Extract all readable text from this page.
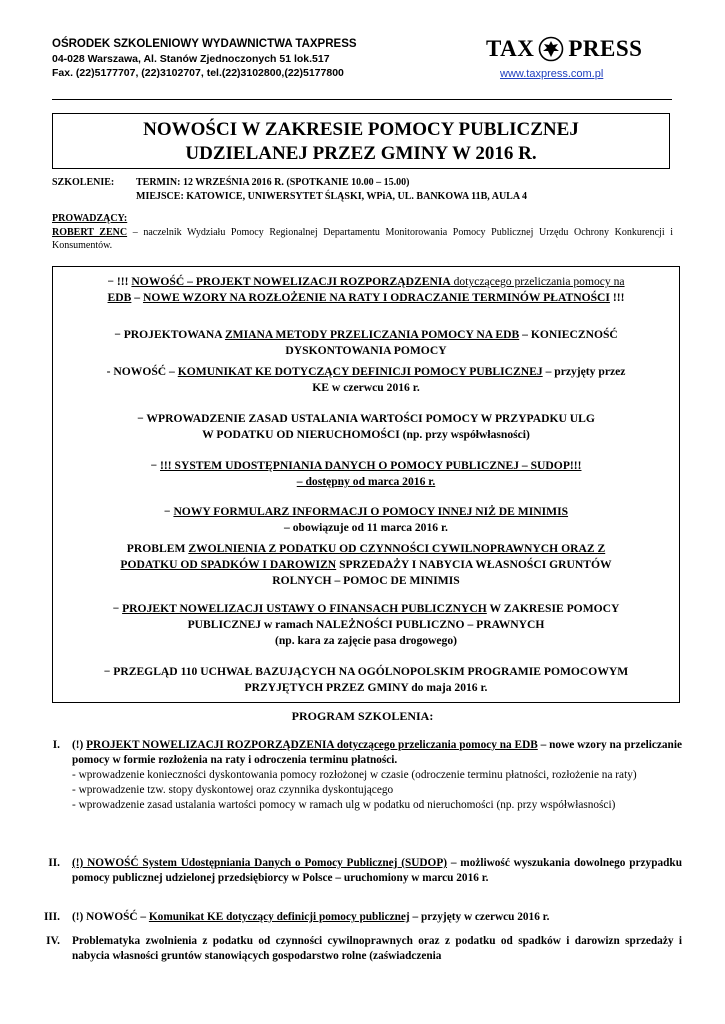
OŚRODEK SZKOLENIOWY WYDAWNICTWA TAXPRESS
04-028 Warszawa, Al. Stanów Zjednoczonych 51 lok.517
Fax. (22)5177707, (22)3102707, tel.(22)3102800,(22)5177800
TAX PRESS
www.taxpress.com.pl
NOWOŚCI W ZAKRESIE POMOCY PUBLICZNEJ
UDZIELANEJ PRZEZ GMINY W 2016 R.
SZKOLENIE: TERMIN: 12 WRZEŚNIA 2016 R. (SPOTKANIE 10.00 – 15.00)
MIEJSCE: KATOWICE, UNIWERSYTET ŚLĄSKI, WPiA, UL. BANKOWA 11B, AULA 4
PROWADZĄCY:
ROBERT ZENC – naczelnik Wydziału Pomocy Regionalnej Departamentu Monitorowania Pomocy Publicznej Urzędu Ochrony Konkurencji i Konsumentów.
− !!! NOWOŚĆ – PROJEKT NOWELIZACJI ROZPORZĄDZENIA dotyczącego przeliczania pomocy na
EDB – NOWE WZORY NA ROZŁOŻENIE NA RATY I ODRACZANIE TERMINÓW PŁATNOŚCI !!!
− PROJEKTOWANA ZMIANA METODY PRZELICZANIA POMOCY NA EDB – KONIECZNOŚĆ
DYSKONTOWANIA POMOCY
- NOWOŚĆ – KOMUNIKAT KE DOTYCZĄCY DEFINICJI POMOCY PUBLICZNEJ – przyjęty przez
KE w czerwcu 2016 r.
− WPROWADZENIE ZASAD USTALANIA WARTOŚCI POMOCY W PRZYPADKU ULG
W PODATKU OD NIERUCHOMOŚCI (np. przy współwłasności)
− !!! SYSTEM UDOSTĘPNIANIA DANYCH O POMOCY PUBLICZNEJ – SUDOP!!!
– dostępny od marca 2016 r.
− NOWY FORMULARZ INFORMACJI O POMOCY INNEJ NIŻ DE MINIMIS
– obowiązuje od 11 marca 2016 r.
PROBLEM ZWOLNIENIA Z PODATKU OD CZYNNOŚCI CYWILNOPRAWNYCH ORAZ Z
PODATKU OD SPADKÓW I DAROWIZN SPRZEDAŻY I NABYCIA WŁASNOŚCI GRUNTÓW
ROLNYCH – POMOC DE MINIMIS
− PROJEKT NOWELIZACJI USTAWY O FINANSACH PUBLICZNYCH W ZAKRESIE POMOCY
PUBLICZNEJ w ramach NALEŻNOŚCI PUBLICZNO – PRAWNYCH
(np. kara za zajęcie pasa drogowego)
− PRZEGLĄD 110 UCHWAŁ BAZUJĄCYCH NA OGÓLNOPOLSKIM PROGRAMIE POMOCOWYM
PRZYJĘTYCH PRZEZ GMINY do maja 2016 r.
PROGRAM SZKOLENIA:
I. (!) PROJEKT NOWELIZACJI ROZPORZĄDZENIA dotyczącego przeliczania pomocy na EDB – nowe wzory na przeliczanie pomocy w formie rozłożenia na raty i odroczenia terminu płatności.
- wprowadzenie konieczności dyskontowania pomocy rozłożonej w czasie (odroczenie terminu płatności, rozłożenie na raty)
- wprowadzenie tzw. stopy dyskontowej oraz czynnika dyskontującego
- wprowadzenie zasad ustalania wartości pomocy w ramach ulg w podatku od nieruchomości (np. przy współwłasności)
II. (!) NOWOŚĆ System Udostępniania Danych o Pomocy Publicznej (SUDOP) – możliwość wyszukania dowolnego przypadku pomocy publicznej udzielonej przedsiębiorcy w Polsce – uruchomiony w marcu 2016 r.
III. (!) NOWOŚĆ – Komunikat KE dotyczący definicji pomocy publicznej – przyjęty w czerwcu 2016 r.
IV. Problematyka zwolnienia z podatku od czynności cywilnoprawnych oraz z podatku od spadków i darowizn sprzedaży i nabycia własności gruntów stanowiących gospodarstwo rolne (zaświadczenia
